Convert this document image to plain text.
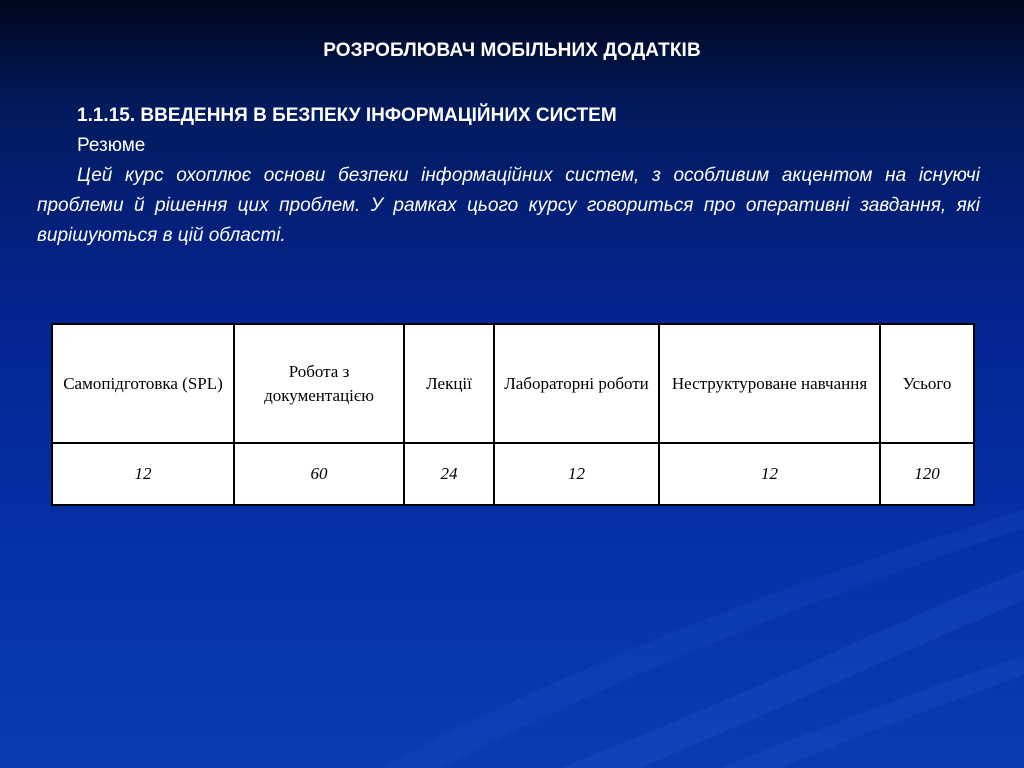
РОЗРОБЛЮВАЧ МОБІЛЬНИХ ДОДАТКІВ

1.1.15. ВВЕДЕННЯ В БЕЗПЕКУ ІНФОРМАЦІЙНИХ СИСТЕМ

Резюме

Цей курс охоплює основи безпеки інформаційних систем, з особливим акцентом на існуючі проблеми й рішення цих проблем. У рамках цього курсу говориться про оперативні завдання, які вирішуються в цій області.

Самопідготовка (SPL)	Робота з документацією	Лекції	Лабораторні роботи	Неструктуроване навчання	Усього
12	60	24	12	12	120
